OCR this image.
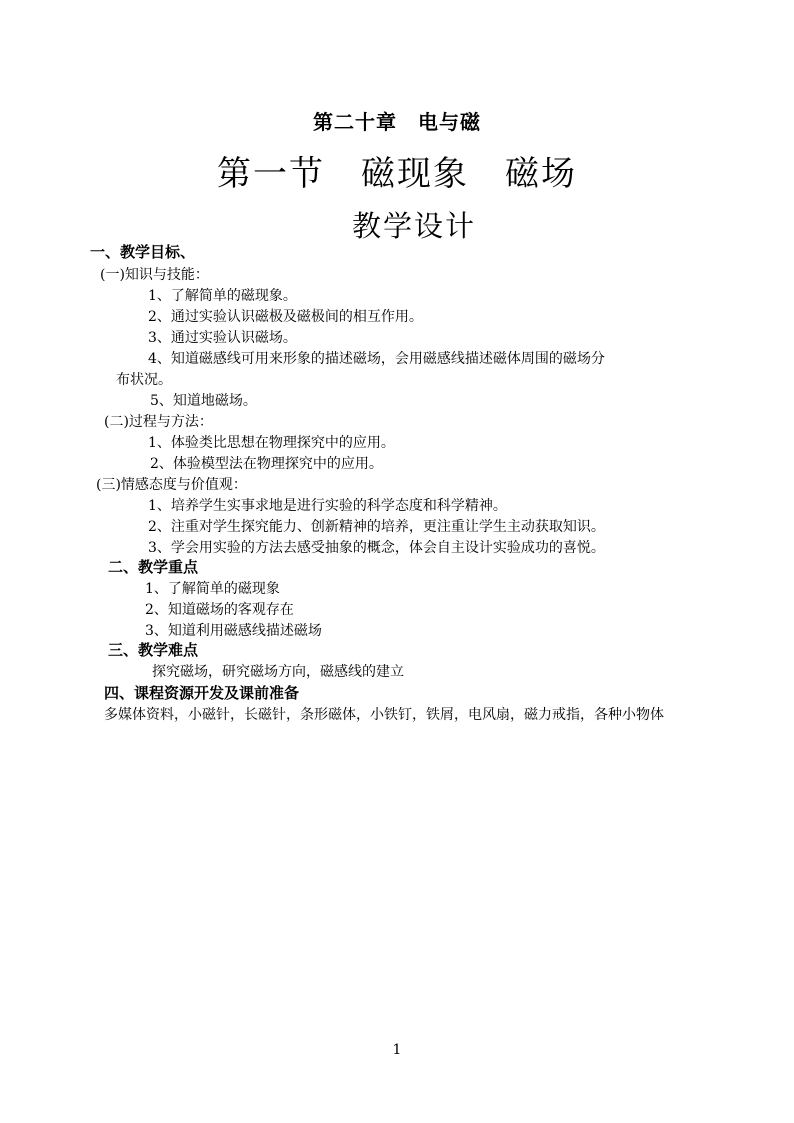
第二十章　电与磁
第一节　磁现象　磁场
教学设计
一、教学目标、
(一)知识与技能：
1、了解简单的磁现象。
2、通过实验认识磁极及磁极间的相互作用。
3、通过实验认识磁场。
4、知道磁感线可用来形象的描述磁场，会用磁感线描述磁体周围的磁场分
布状况。
5、知道地磁场。
(二)过程与方法：
1、体验类比思想在物理探究中的应用。
2、体验模型法在物理探究中的应用。
(三)情感态度与价值观：
1、培养学生实事求地是进行实验的科学态度和科学精神。
2、注重对学生探究能力、创新精神的培养，更注重让学生主动获取知识。
3、学会用实验的方法去感受抽象的概念，体会自主设计实验成功的喜悦。
二、教学重点
1、了解简单的磁现象
2、知道磁场的客观存在
3、知道利用磁感线描述磁场
三、教学难点
探究磁场，研究磁场方向，磁感线的建立
四、课程资源开发及课前准备
多媒体资料，小磁针，长磁针，条形磁体，小铁钉，铁屑，电风扇，磁力戒指，各种小物体
1
